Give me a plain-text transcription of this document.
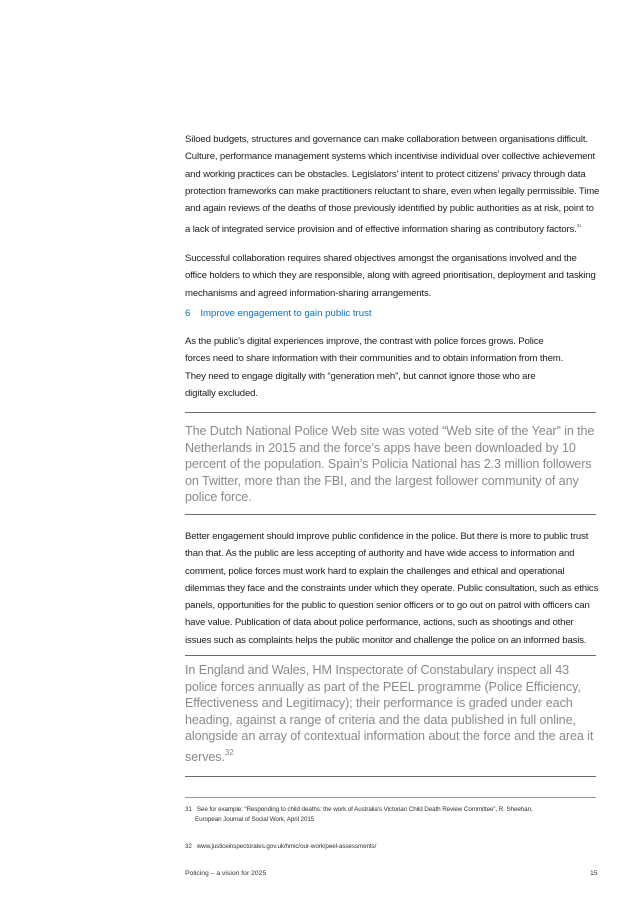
Siloed budgets, structures and governance can make collaboration between organisations difficult. Culture, performance management systems which incentivise individual over collective achievement and working practices can be obstacles. Legislators’ intent to protect citizens’ privacy through data protection frameworks can make practitioners reluctant to share, even when legally permissible. Time and again reviews of the deaths of those previously identified by public authorities as at risk, point to a lack of integrated service provision and of effective information sharing as contributory factors.$^{31}$

Successful collaboration requires shared objectives amongst the organisations involved and the office holders to which they are responsible, along with agreed prioritisation, deployment and tasking mechanisms and agreed information-sharing arrangements.

6 Improve engagement to gain public trust

As the public’s digital experiences improve, the contrast with police forces grows. Police forces need to share information with their communities and to obtain information from them. They need to engage digitally with “generation meh”, but cannot ignore those who are digitally excluded.

The Dutch National Police Web site was voted “Web site of the Year” in the Netherlands in 2015 and the force’s apps have been downloaded by 10 percent of the population. Spain’s Policia National has 2.3 million followers on Twitter, more than the FBI, and the largest follower community of any police force.

Better engagement should improve public confidence in the police. But there is more to public trust than that. As the public are less accepting of authority and have wide access to information and comment, police forces must work hard to explain the challenges and ethical and operational dilemmas they face and the constraints under which they operate. Public consultation, such as ethics panels, opportunities for the public to question senior officers or to go out on patrol with officers can have value. Publication of data about police performance, actions, such as shootings and other issues such as complaints helps the public monitor and challenge the police on an informed basis.

In England and Wales, HM Inspectorate of Constabulary inspect all 43 police forces annually as part of the PEEL programme (Police Efficiency, Effectiveness and Legitimacy); their performance is graded under each heading, against a range of criteria and the data published in full online, alongside an array of contextual information about the force and the area it serves.$^{32}$
31 See for example: “Responding to child deaths: the work of Australia’s Victorian Child Death Review Committee”, R. Sheehan,
European Journal of Social Work, April 2015
32 www.justiceinspectorates.gov.uk/hmic/our-work/peel-assessments/
Policing – a vision for 2025	15
